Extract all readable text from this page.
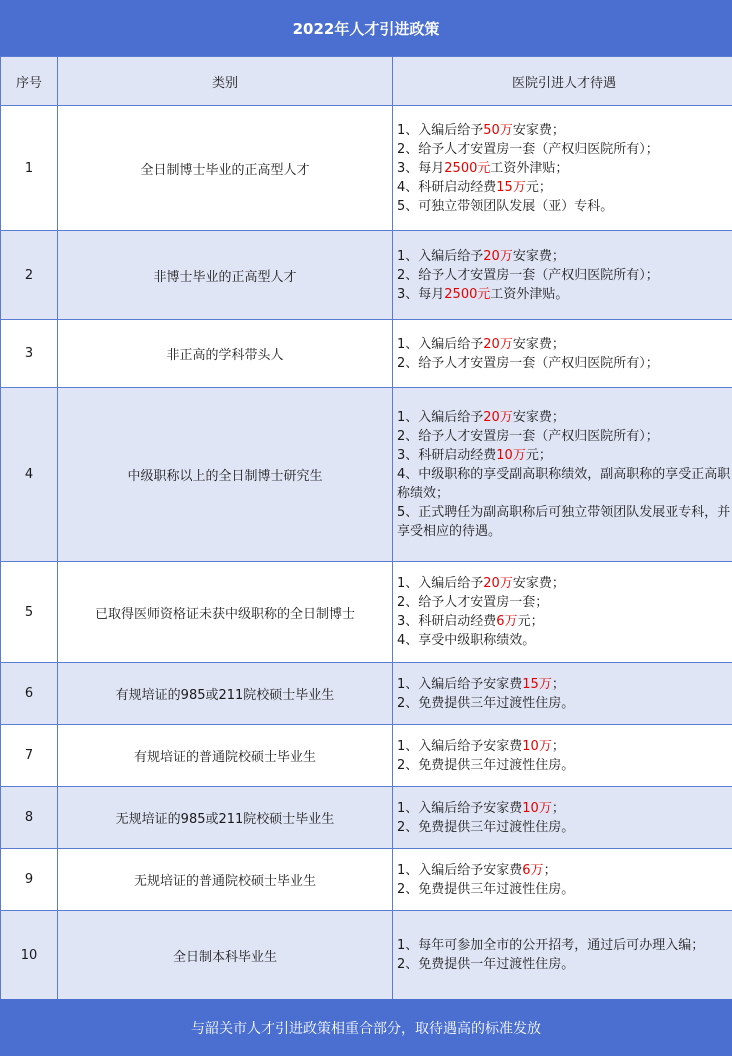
2022年人才引进政策
序号	类别	医院引进人才待遇
1	全日制博士毕业的正高型人才	1、入编后给予50万安家费；
2、给予人才安置房一套（产权归医院所有）；
3、每月2500元工资外津贴；
4、科研启动经费15万元；
5、可独立带领团队发展（亚）专科。

2	非博士毕业的正高型人才	1、入编后给予20万安家费；
2、给予人才安置房一套（产权归医院所有）；
3、每月2500元工资外津贴。

3	非正高的学科带头人	1、入编后给予20万安家费；
2、给予人才安置房一套（产权归医院所有）；

4	中级职称以上的全日制博士研究生	1、入编后给予20万安家费；
2、给予人才安置房一套（产权归医院所有）；
3、科研启动经费10万元；
4、中级职称的享受副高职称绩效，副高职称的享受正高职称绩效；
5、正式聘任为副高职称后可独立带领团队发展亚专科，并享受相应的待遇。

5	已取得医师资格证未获中级职称的全日制博士	1、入编后给予20万安家费；
2、给予人才安置房一套；
3、科研启动经费6万元；
4、享受中级职称绩效。

6	有规培证的985或211院校硕士毕业生	1、入编后给予安家费15万；
2、免费提供三年过渡性住房。

7	有规培证的普通院校硕士毕业生	1、入编后给予安家费10万；
2、免费提供三年过渡性住房。

8	无规培证的985或211院校硕士毕业生	1、入编后给予安家费10万；
2、免费提供三年过渡性住房。

9	无规培证的普通院校硕士毕业生	1、入编后给予安家费6万；
2、免费提供三年过渡性住房。

10	全日制本科毕业生	1、每年可参加全市的公开招考，通过后可办理入编；
2、免费提供一年过渡性住房。
与韶关市人才引进政策相重合部分，取待遇高的标准发放
